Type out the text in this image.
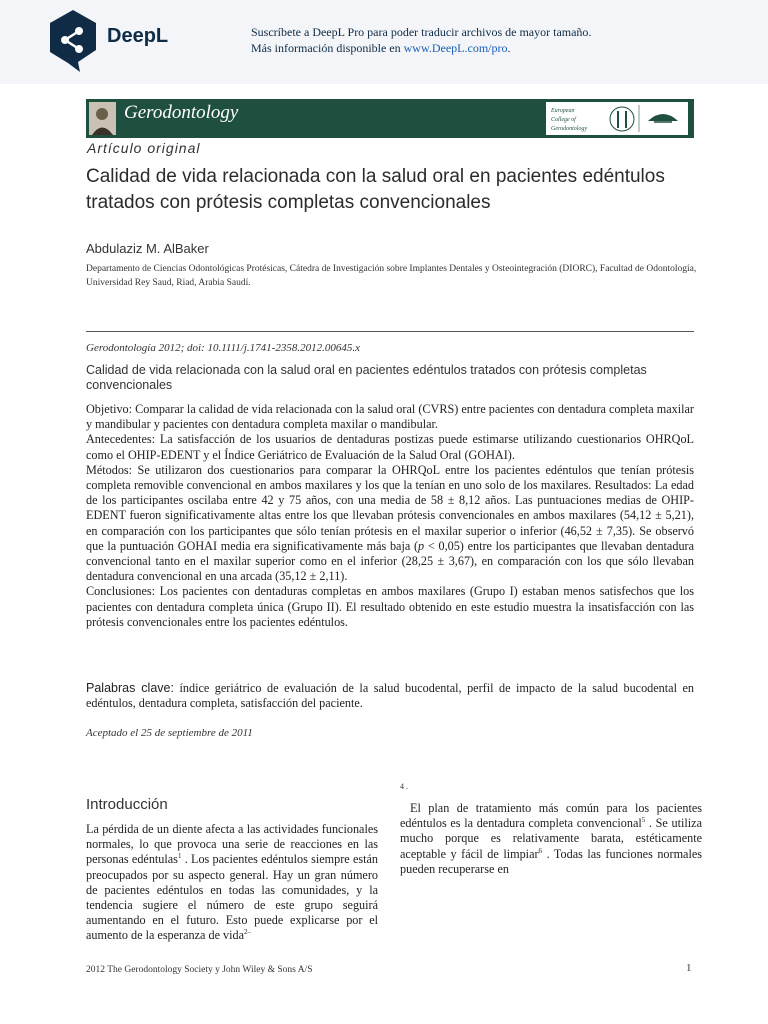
DeepL	Suscríbete a DeepL Pro para poder traducir archivos de mayor tamaño.
Más información disponible en www.DeepL.com/pro.
Gerodontology	European
College of
Gerodontology
Artículo original
Calidad de vida relacionada con la salud oral en pacientes edéntulos tratados con prótesis completas convencionales
Abdulaziz M. AlBaker
Departamento de Ciencias Odontológicas Protésicas, Cátedra de Investigación sobre Implantes Dentales y Osteointegración (DIORC), Facultad de Odontología, Universidad Rey Saud, Riad, Arabia Saudí.
Gerodontología 2012; doi: 10.1111/j.1741-2358.2012.00645.x
Calidad de vida relacionada con la salud oral en pacientes edéntulos tratados con prótesis completas convencionales

Objetivo: Comparar la calidad de vida relacionada con la salud oral (CVRS) entre pacientes con dentadura completa maxilar y mandibular y pacientes con dentadura completa maxilar o mandibular.

Antecedentes: La satisfacción de los usuarios de dentaduras postizas puede estimarse utilizando cuestionarios OHRQoL como el OHIP-EDENT y el Índice Geriátrico de Evaluación de la Salud Oral (GOHAI).

Métodos: Se utilizaron dos cuestionarios para comparar la OHRQoL entre los pacientes edéntulos que tenían prótesis completa removible convencional en ambos maxilares y los que la tenían en uno solo de los maxilares. Resultados: La edad de los participantes oscilaba entre 42 y 75 años, con una media de 58 ± 8,12 años. Las puntuaciones medias de OHIP-EDENT fueron significativamente altas entre los que llevaban prótesis convencionales en ambos maxilares (54,12 ± 5,21), en comparación con los participantes que sólo tenían prótesis en el maxilar superior o inferior (46,52 ± 7,35). Se observó que la puntuación GOHAI media era significativamente más baja (p < 0,05) entre los participantes que llevaban dentadura convencional tanto en el maxilar superior como en el inferior (28,25 ± 3,67), en comparación con los que sólo llevaban dentadura convencional en una arcada (35,12 ± 2,11).

Conclusiones: Los pacientes con dentaduras completas en ambos maxilares (Grupo I) estaban menos satisfechos que los pacientes con dentadura completa única (Grupo II). El resultado obtenido en este estudio muestra la insatisfacción con las prótesis convencionales entre los pacientes edéntulos.

Palabras clave: índice geriátrico de evaluación de la salud bucodental, perfil de impacto de la salud bucodental en edéntulos, dentadura completa, satisfacción del paciente.
Aceptado el 25 de septiembre de 2011
Introducción

La pérdida de un diente afecta a las actividades funcionales normales, lo que provoca una serie de reacciones en las personas edéntulas$^1$ . Los pacientes edéntulos siempre están preocupados por su aspecto general. Hay un gran número de pacientes edéntulos en todas las comunidades, y la tendencia sugiere el número de este grupo seguirá aumentando en el futuro. Esto puede explicarse por el aumento de la esperanza de vida$^{2-}$

4 .

El plan de tratamiento más común para los pacientes edéntulos es la dentadura completa convencional$^5$ . Se utiliza mucho porque es relativamente barata, estéticamente aceptable y fácil de limpiar$^6$ . Todas las funciones normales pueden recuperarse en

2012 The Gerodontology Society y John Wiley & Sons A/S	1
